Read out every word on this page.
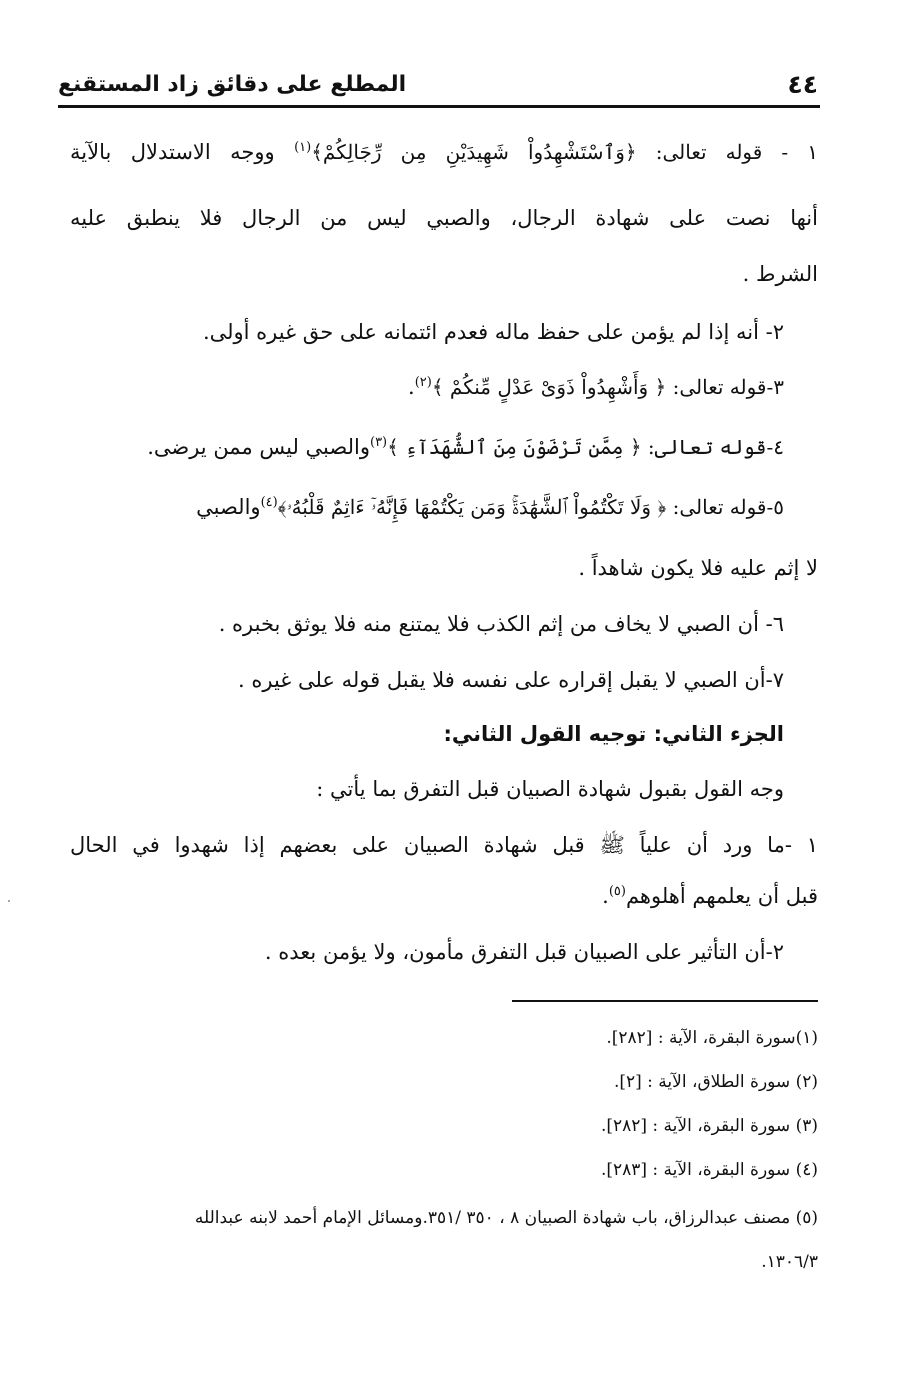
٤٤
المطلع على دقائق زاد المستقنع
١ - قوله تعالى: ﴿وَٱسْتَشْهِدُواْ شَهِيدَيْنِ مِن رِّجَالِكُمْ﴾$^{(١)}$ ووجه الاستدلال بالآية
أنها نصت على شهادة الرجال، والصبي ليس من الرجال فلا ينطبق عليه
الشرط .
٢- أنه إذا لم يؤمن على حفظ ماله فعدم ائتمانه على حق غيره أولى.
٣-قوله تعالى: ﴿ وَأَشْهِدُواْ ذَوَىْ عَدْلٍ مِّنكُمْ ﴾$^{(٢)}$.
٤-قوله تعالى: ﴿ مِمَّن تَرْضَوْنَ مِنَ ٱلشُّهَدَآءِ ﴾$^{(٣)}$والصبي ليس ممن يرضى.
٥-قوله تعالى: ﴿ وَلَا تَكْتُمُواْ ٱلشَّهَٰدَةَۚ وَمَن يَكْتُمْهَا فَإِنَّهُۥٓ ءَاثِمٌ قَلْبُهُۥ﴾$^{(٤)}$والصبي
لا إثم عليه فلا يكون شاهداً .
٦- أن الصبي لا يخاف من إثم الكذب فلا يمتنع منه فلا يوثق بخبره .
٧-أن الصبي لا يقبل إقراره على نفسه فلا يقبل قوله على غيره .
الجزء الثاني: توجيه القول الثاني:
وجه القول بقبول شهادة الصبيان قبل التفرق بما يأتي :
١ -ما ورد أن علياً ﷺ قبل شهادة الصبيان على بعضهم إذا شهدوا في الحال
قبل أن يعلمهم أهلوهم$^{(٥)}$.
٢-أن التأثير على الصبيان قبل التفرق مأمون، ولا يؤمن بعده .
(١)سورة البقرة، الآية : [٢٨٢].
(٢) سورة الطلاق، الآية : [٢].
(٣) سورة البقرة، الآية : [٢٨٢].
(٤) سورة البقرة، الآية : [٢٨٣].
(٥) مصنف عبدالرزاق، باب شهادة الصبيان ٨ ، ٣٥٠ /٣٥١.ومسائل الإمام أحمد لابنه عبدالله
١٣٠٦/٣.
